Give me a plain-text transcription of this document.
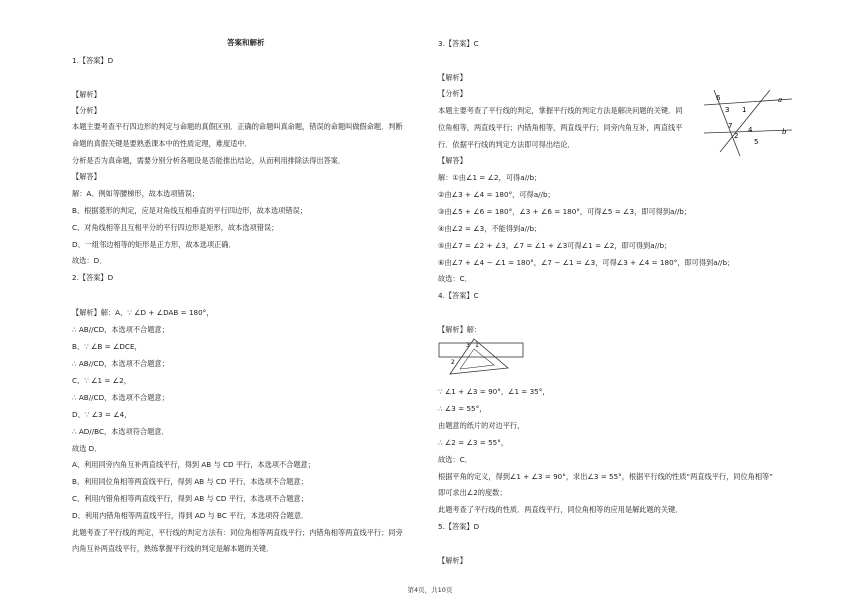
答案和解析
1.【答案】D
【解析】
【分析】
本题主要考查平行四边形的判定与命题的真假区别．正确的命题叫真命题，错误的命题叫做假命题．判断
命题的真假关键是要熟悉课本中的性质定理，难度适中．
分析是否为真命题，需要分别分析各题设是否能推出结论，从而利用排除法得出答案．
【解答】
解：A、例如等腰梯形，故本选项错误；
B、根据菱形的判定，应是对角线互相垂直的平行四边形，故本选项错误；
C、对角线相等且互相平分的平行四边形是矩形，故本选项错误；
D、一组邻边相等的矩形是正方形，故本选项正确．
故选：D．
2.【答案】D
【解析】解：A、∵ ∠D + ∠DAB = 180°，
∴ AB//CD，本选项不合题意；
B、∵ ∠B = ∠DCE，
∴ AB//CD，本选项不合题意；
C、∵ ∠1 = ∠2，
∴ AB//CD，本选项不合题意；
D、∵ ∠3 = ∠4，
∴ AD//BC，本选项符合题意．
故选 D．
A、利用同旁内角互补两直线平行，得到 AB 与 CD 平行，本选项不合题意；
B、利用同位角相等两直线平行，得到 AB 与 CD 平行，本选项不合题意；
C、利用内错角相等两直线平行，得到 AB 与 CD 平行，本选项不合题意；
D、利用内错角相等两直线平行，得到 AD 与 BC 平行，本选项符合题意．
此题考查了平行线的判定，平行线的判定方法有：同位角相等两直线平行；内错角相等两直线平行；同旁
内角互补两直线平行，熟练掌握平行线的判定是解本题的关键．
3.【答案】C
【解析】
【分析】
本题主要考查了平行线的判定，掌握平行线的判定方法是解决问题的关键．同
位角相等，两直线平行；内错角相等，两直线平行；同旁内角互补，两直线平
行．依据平行线的判定方法即可得出结论．
【解答】
解：①由∠1 = ∠2，可得a//b；
②由∠3 + ∠4 = 180°，可得a//b；
③由∠5 + ∠6 = 180°，∠3 + ∠6 = 180°，可得∠5 = ∠3，即可得到a//b；
④由∠2 = ∠3，不能得到a//b；
⑤由∠7 = ∠2 + ∠3，∠7 = ∠1 + ∠3可得∠1 = ∠2，即可得到a//b；
⑥由∠7 + ∠4 − ∠1 = 180°，∠7 − ∠1 = ∠3，可得∠3 + ∠4 = 180°，即可得到a//b；
故选：C．
4.【答案】C
【解析】解：
∵ ∠1 + ∠3 = 90°，∠1 = 35°，
∴ ∠3 = 55°，
由题意的纸片的对边平行，
∴ ∠2 = ∠3 = 55°，
故选：C．
根据平角的定义，得到∠1 + ∠3 = 90°，求出∠3 = 55°，根据平行线的性质“两直线平行，同位角相等”
即可求出∠2的度数；
此题考查了平行线的性质．两直线平行，同位角相等的应用是解此题的关键．
5.【答案】D
【解析】
6
3 1
a
7
2
4
5
b
3 1
2
第4页，共10页
